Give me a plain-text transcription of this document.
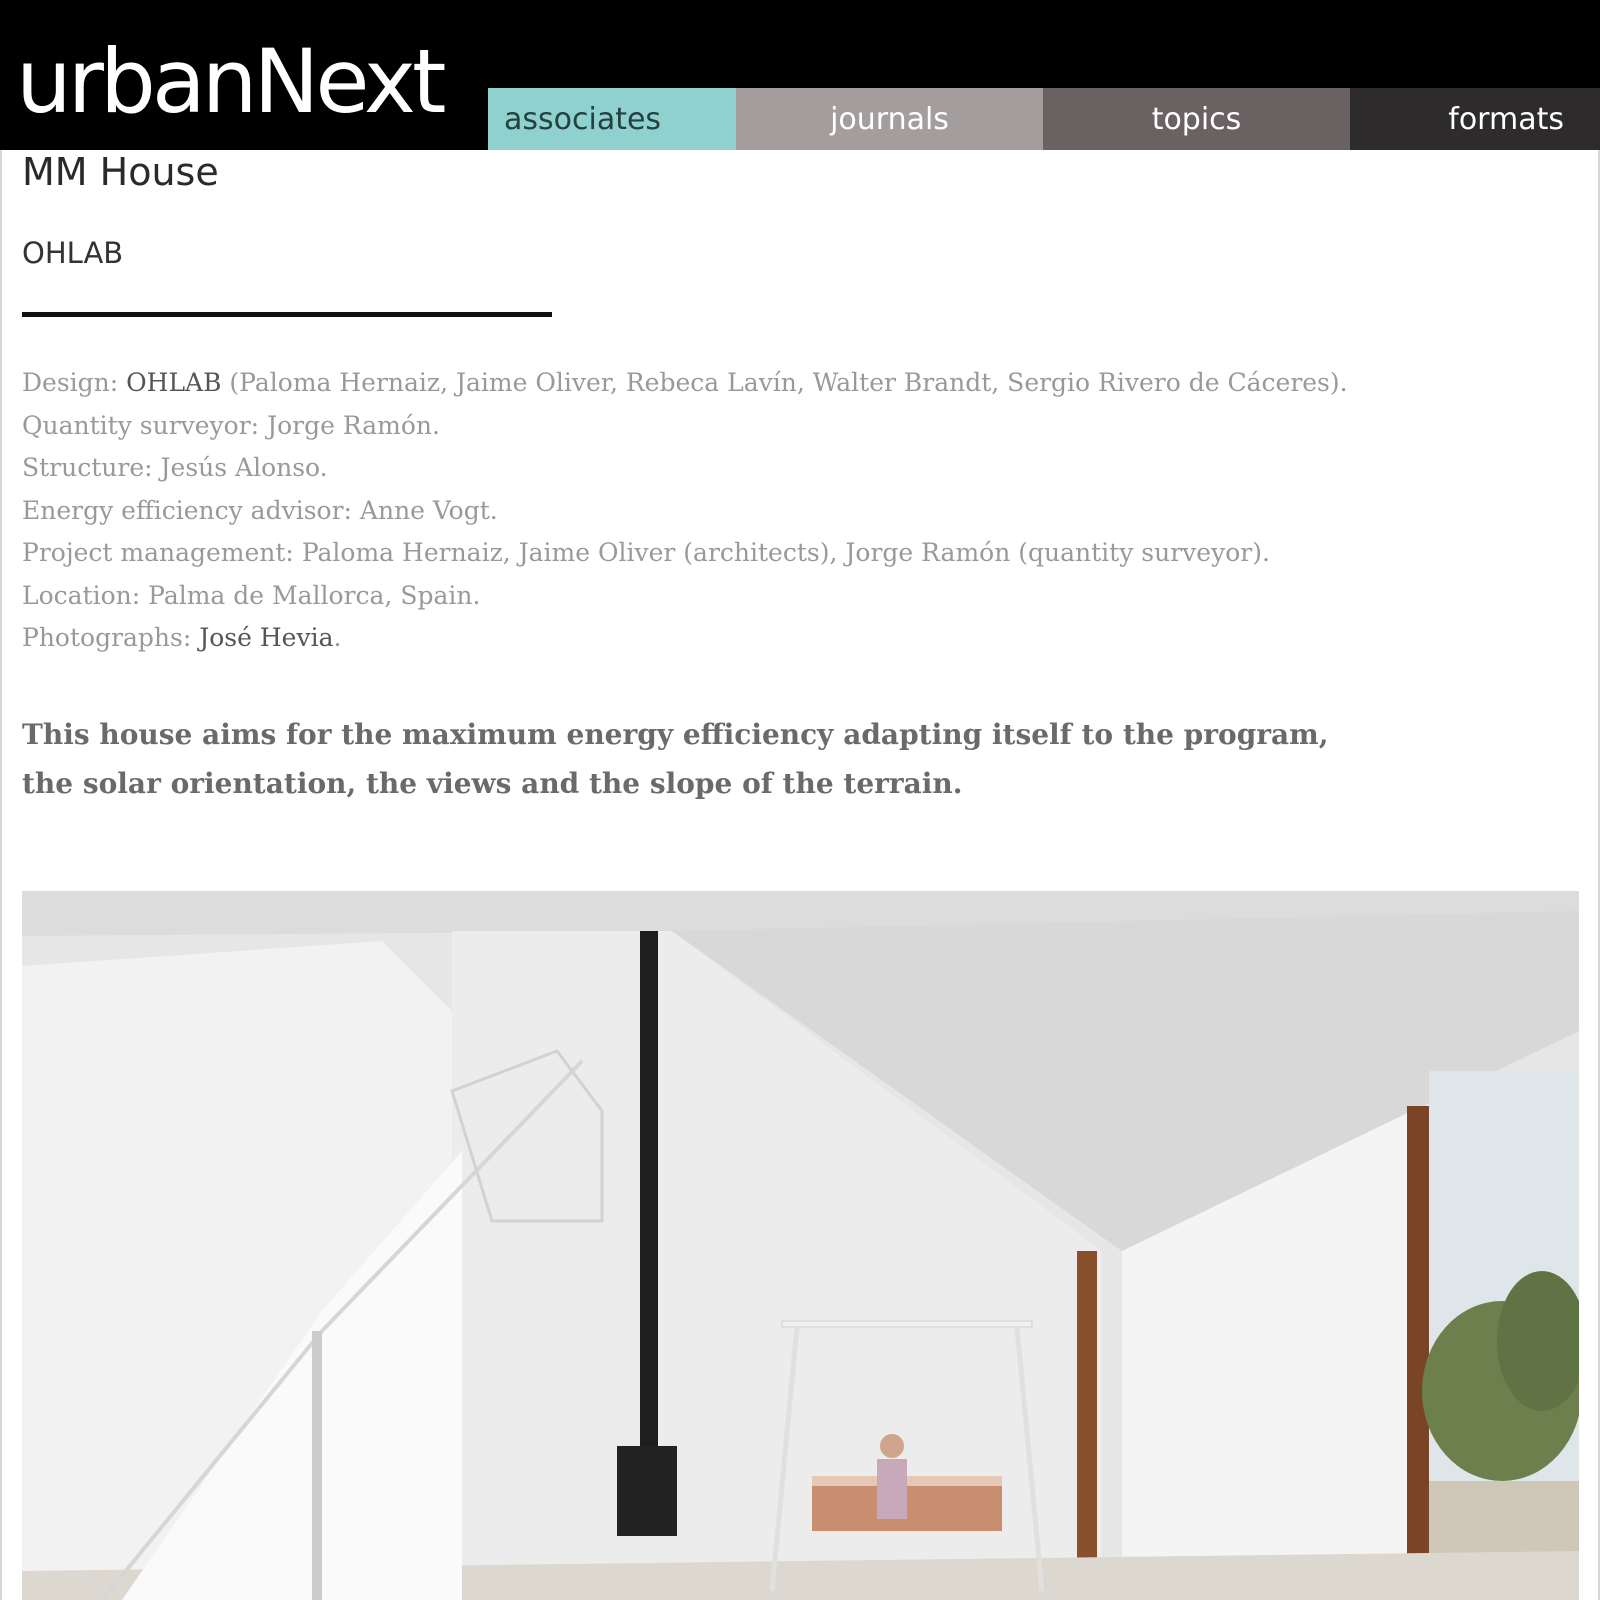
urbanNext	associates	journals	topics	formats
MM House
OHLAB
Design: OHLAB (Paloma Hernaiz, Jaime Oliver, Rebeca Lavín, Walter Brandt, Sergio Rivero de Cáceres).
Quantity surveyor: Jorge Ramón.
Structure: Jesús Alonso.
Energy efficiency advisor: Anne Vogt.
Project management: Paloma Hernaiz, Jaime Oliver (architects), Jorge Ramón (quantity surveyor).
Location: Palma de Mallorca, Spain.
Photographs: José Hevia.
This house aims for the maximum energy efficiency adapting itself to the program, the solar orientation, the views and the slope of the terrain.
